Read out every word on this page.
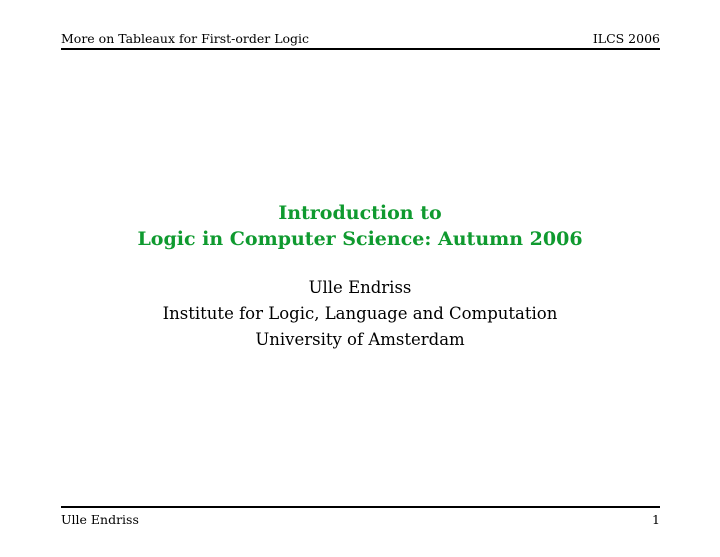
More on Tableaux for First-order Logic	ILCS 2006
Introduction to
Logic in Computer Science: Autumn 2006
Ulle Endriss
Institute for Logic, Language and Computation
University of Amsterdam
Ulle Endriss	1
